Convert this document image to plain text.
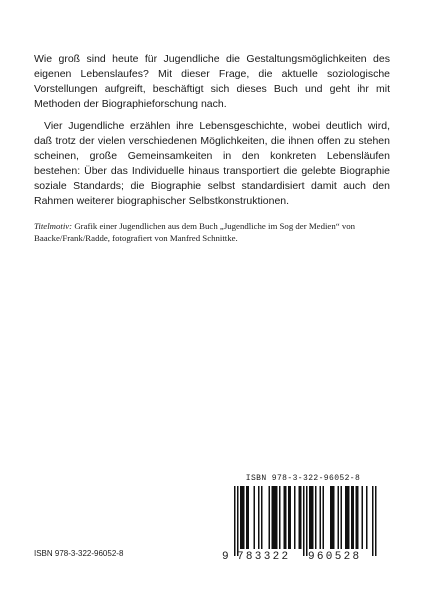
Wie groß sind heute für Jugendliche die Gestaltungsmöglichkeiten des eigenen Lebenslaufes? Mit dieser Frage, die aktuelle soziologische Vorstellungen aufgreift, beschäftigt sich dieses Buch und geht ihr mit Methoden der Biographieforschung nach.

Vier Jugendliche erzählen ihre Lebensgeschichte, wobei deutlich wird, daß trotz der vielen verschiedenen Möglichkeiten, die ihnen offen zu stehen scheinen, große Gemeinsamkeiten in den konkreten Lebensläufen bestehen: Über das Individuelle hinaus transportiert die gelebte Biographie soziale Standards; die Biographie selbst standardisiert damit auch den Rahmen weiterer biographischer Selbstkonstruktionen.

Titelmotiv: Grafik einer Jugendlichen aus dem Buch „Jugendliche im Sog der Medien“ von Baacke/Frank/Radde, fotografiert von Manfred Schnittke.

ISBN 978-3-322-96052-8
ISBN 978-3-322-96052-8
9 783322 960528
